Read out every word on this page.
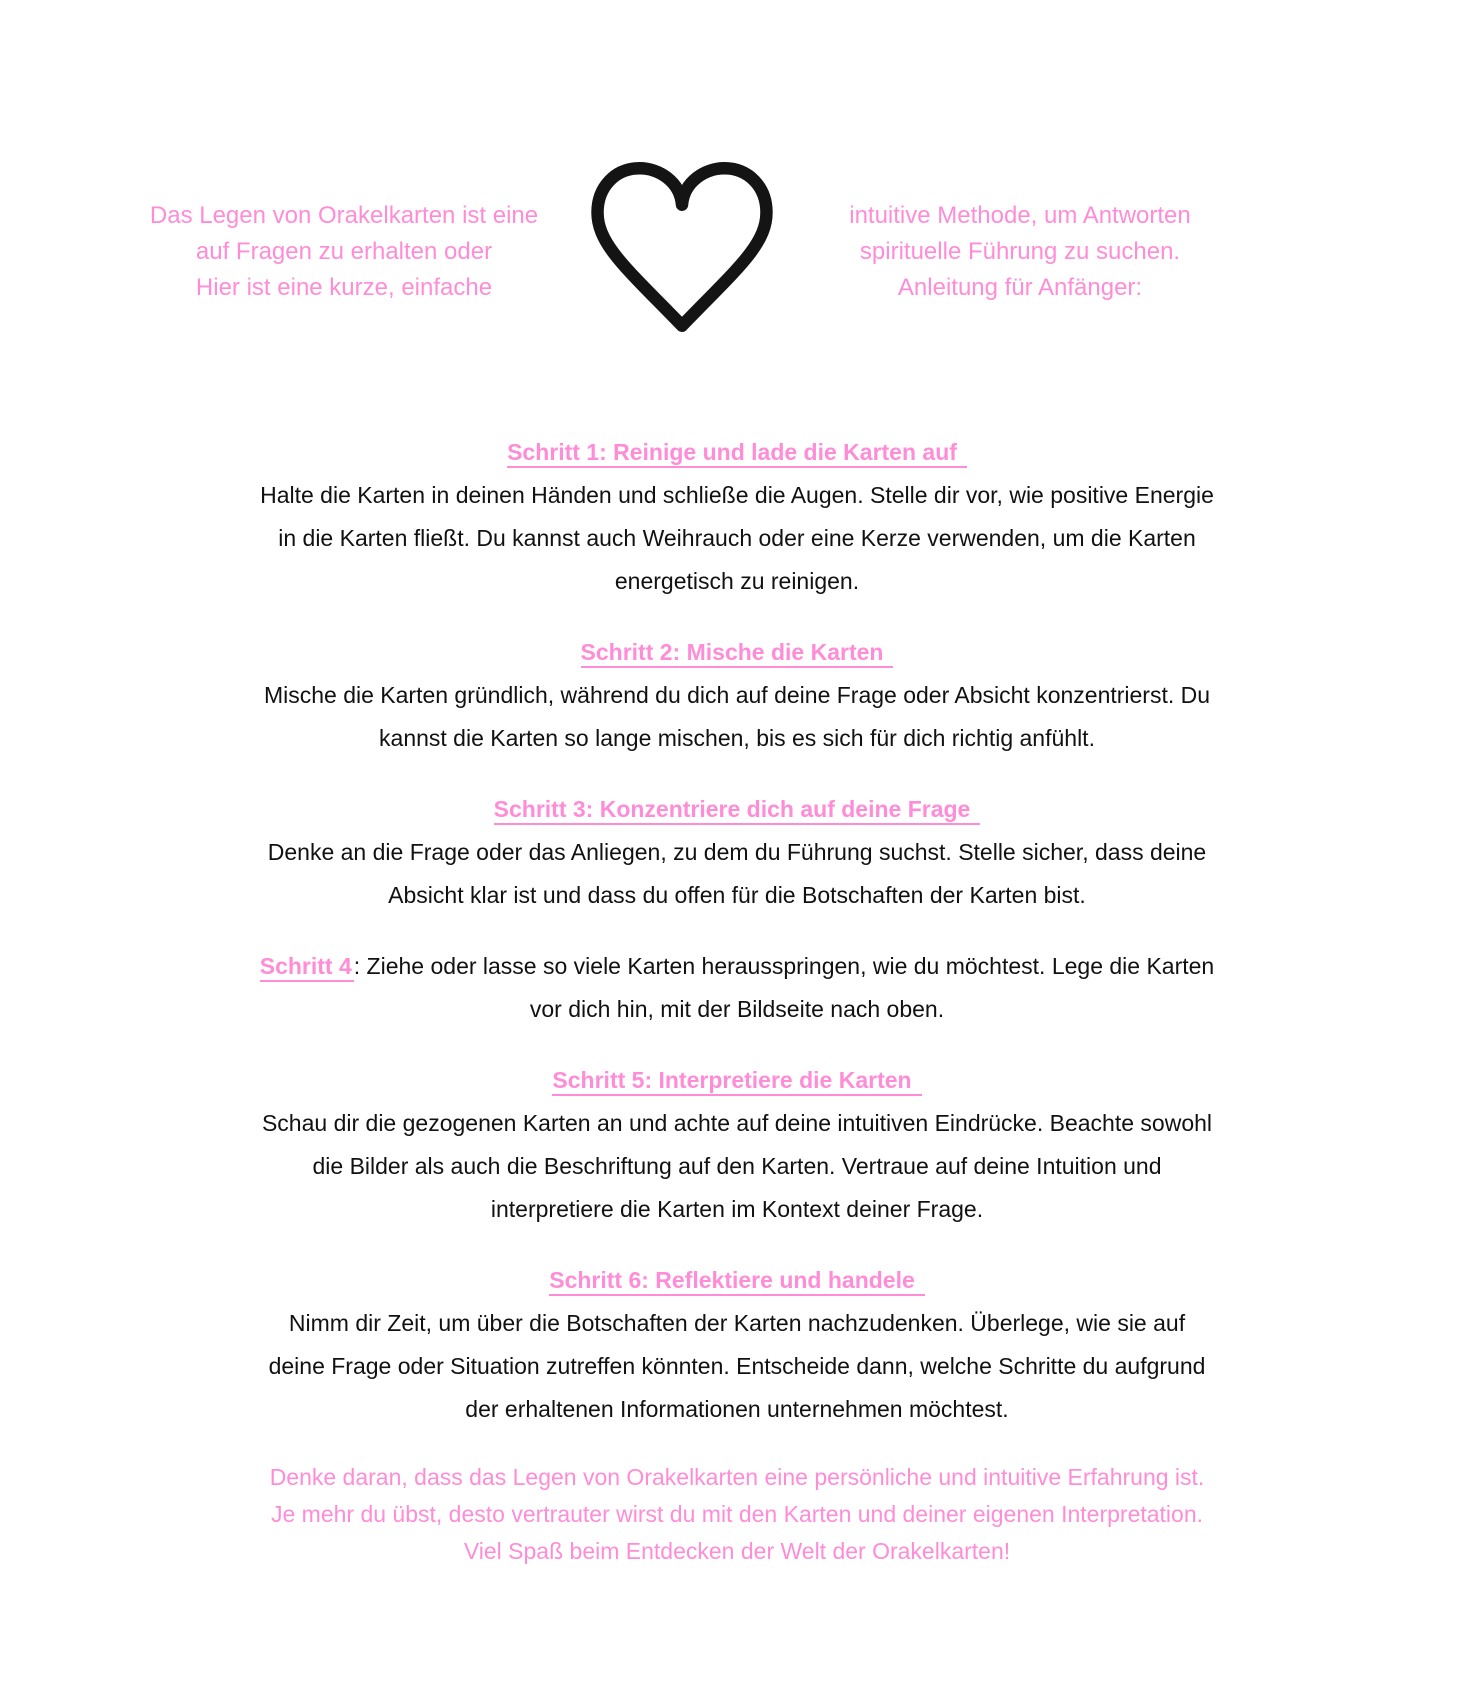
Das Legen von Orakelkarten ist eine
auf Fragen zu erhalten oder
Hier ist eine kurze, einfache
intuitive Methode, um Antworten
spirituelle Führung zu suchen.
Anleitung für Anfänger:
Schritt 1: Reinige und lade die Karten auf

Halte die Karten in deinen Händen und schließe die Augen. Stelle dir vor, wie positive Energie
in die Karten fließt. Du kannst auch Weihrauch oder eine Kerze verwenden, um die Karten
energetisch zu reinigen.

Schritt 2: Mische die Karten

Mische die Karten gründlich, während du dich auf deine Frage oder Absicht konzentrierst. Du
kannst die Karten so lange mischen, bis es sich für dich richtig anfühlt.

Schritt 3: Konzentriere dich auf deine Frage

Denke an die Frage oder das Anliegen, zu dem du Führung suchst. Stelle sicher, dass deine
Absicht klar ist und dass du offen für die Botschaften der Karten bist.

Schritt 4: Ziehe oder lasse so viele Karten herausspringen, wie du möchtest. Lege die Karten
vor dich hin, mit der Bildseite nach oben.

Schritt 5: Interpretiere die Karten

Schau dir die gezogenen Karten an und achte auf deine intuitiven Eindrücke. Beachte sowohl
die Bilder als auch die Beschriftung auf den Karten. Vertraue auf deine Intuition und
interpretiere die Karten im Kontext deiner Frage.

Schritt 6: Reflektiere und handele

Nimm dir Zeit, um über die Botschaften der Karten nachzudenken. Überlege, wie sie auf
deine Frage oder Situation zutreffen könnten. Entscheide dann, welche Schritte du aufgrund
der erhaltenen Informationen unternehmen möchtest.

Denke daran, dass das Legen von Orakelkarten eine persönliche und intuitive Erfahrung ist.
Je mehr du übst, desto vertrauter wirst du mit den Karten und deiner eigenen Interpretation.
Viel Spaß beim Entdecken der Welt der Orakelkarten!
